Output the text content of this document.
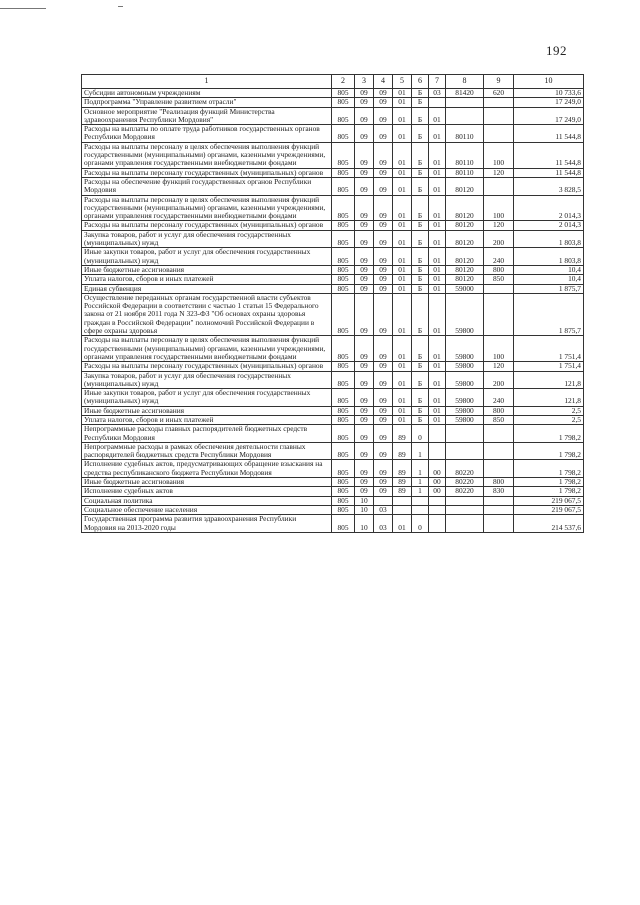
192
1	2	3	4	5	6	7	8	9	10
Субсидии автономным учреждениям	805	09	09	01	Б	03	81420	620	10 733,6
Подпрограмма "Управление развитием отрасли"	805	09	09	01	Б				17 249,0
Основное мероприятие "Реализация функций Министерства здравоохранения Республики Мордовия"	805	09	09	01	Б	01			17 249,0
Расходы на выплаты по оплате труда работников государственных органов Республики Мордовия	805	09	09	01	Б	01	80110		11 544,8
Расходы на выплаты персоналу в целях обеспечения выполнения функций государственными (муниципальными) органами, казенными учреждениями, органами управления государственными внебюджетными фондами	805	09	09	01	Б	01	80110	100	11 544,8
Расходы на выплаты персоналу государственных (муниципальных) органов	805	09	09	01	Б	01	80110	120	11 544,8
Расходы на обеспечение функций государственных органов Республики Мордовия	805	09	09	01	Б	01	80120		3 828,5
Расходы на выплаты персоналу в целях обеспечения выполнения функций государственными (муниципальными) органами, казенными учреждениями, органами управления государственными внебюджетными фондами	805	09	09	01	Б	01	80120	100	2 014,3
Расходы на выплаты персоналу государственных (муниципальных) органов	805	09	09	01	Б	01	80120	120	2 014,3
Закупка товаров, работ и услуг для обеспечения государственных (муниципальных) нужд	805	09	09	01	Б	01	80120	200	1 803,8
Иные закупки товаров, работ и услуг для обеспечения государственных (муниципальных) нужд	805	09	09	01	Б	01	80120	240	1 803,8
Иные бюджетные ассигнования	805	09	09	01	Б	01	80120	800	10,4
Уплата налогов, сборов и иных платежей	805	09	09	01	Б	01	80120	850	10,4
Единая субвенция	805	09	09	01	Б	01	59000		1 875,7
Осуществление переданных органам государственной власти субъектов Российской Федерации в соответствии с частью 1 статьи 15 Федерального закона от 21 ноября 2011 года N 323-ФЗ "Об основах охраны здоровья граждан в Российской Федерации" полномочий Российской Федерации в сфере охраны здоровья	805	09	09	01	Б	01	59800		1 875,7
Расходы на выплаты персоналу в целях обеспечения выполнения функций государственными (муниципальными) органами, казенными учреждениями, органами управления государственными внебюджетными фондами	805	09	09	01	Б	01	59800	100	1 751,4
Расходы на выплаты персоналу государственных (муниципальных) органов	805	09	09	01	Б	01	59800	120	1 751,4
Закупка товаров, работ и услуг для обеспечения государственных (муниципальных) нужд	805	09	09	01	Б	01	59800	200	121,8
Иные закупки товаров, работ и услуг для обеспечения государственных (муниципальных) нужд	805	09	09	01	Б	01	59800	240	121,8
Иные бюджетные ассигнования	805	09	09	01	Б	01	59800	800	2,5
Уплата налогов, сборов и иных платежей	805	09	09	01	Б	01	59800	850	2,5
Непрограммные расходы главных распорядителей бюджетных средств Республики Мордовия	805	09	09	89	0				1 798,2
Непрограммные расходы в рамках обеспечения деятельности главных распорядителей бюджетных средств Республики Мордовия	805	09	09	89	1				1 798,2
Исполнение судебных актов, предусматривающих обращение взыскания на средства республиканского бюджета Республики Мордовия	805	09	09	89	1	00	80220		1 798,2
Иные бюджетные ассигнования	805	09	09	89	1	00	80220	800	1 798,2
Исполнение судебных актов	805	09	09	89	1	00	80220	830	1 798,2
Социальная политика	805	10							219 067,5
Социальное обеспечение населения	805	10	03						219 067,5
Государственная программа развития здравоохранения Республики Мордовия на 2013-2020 годы	805	10	03	01	0				214 537,6
